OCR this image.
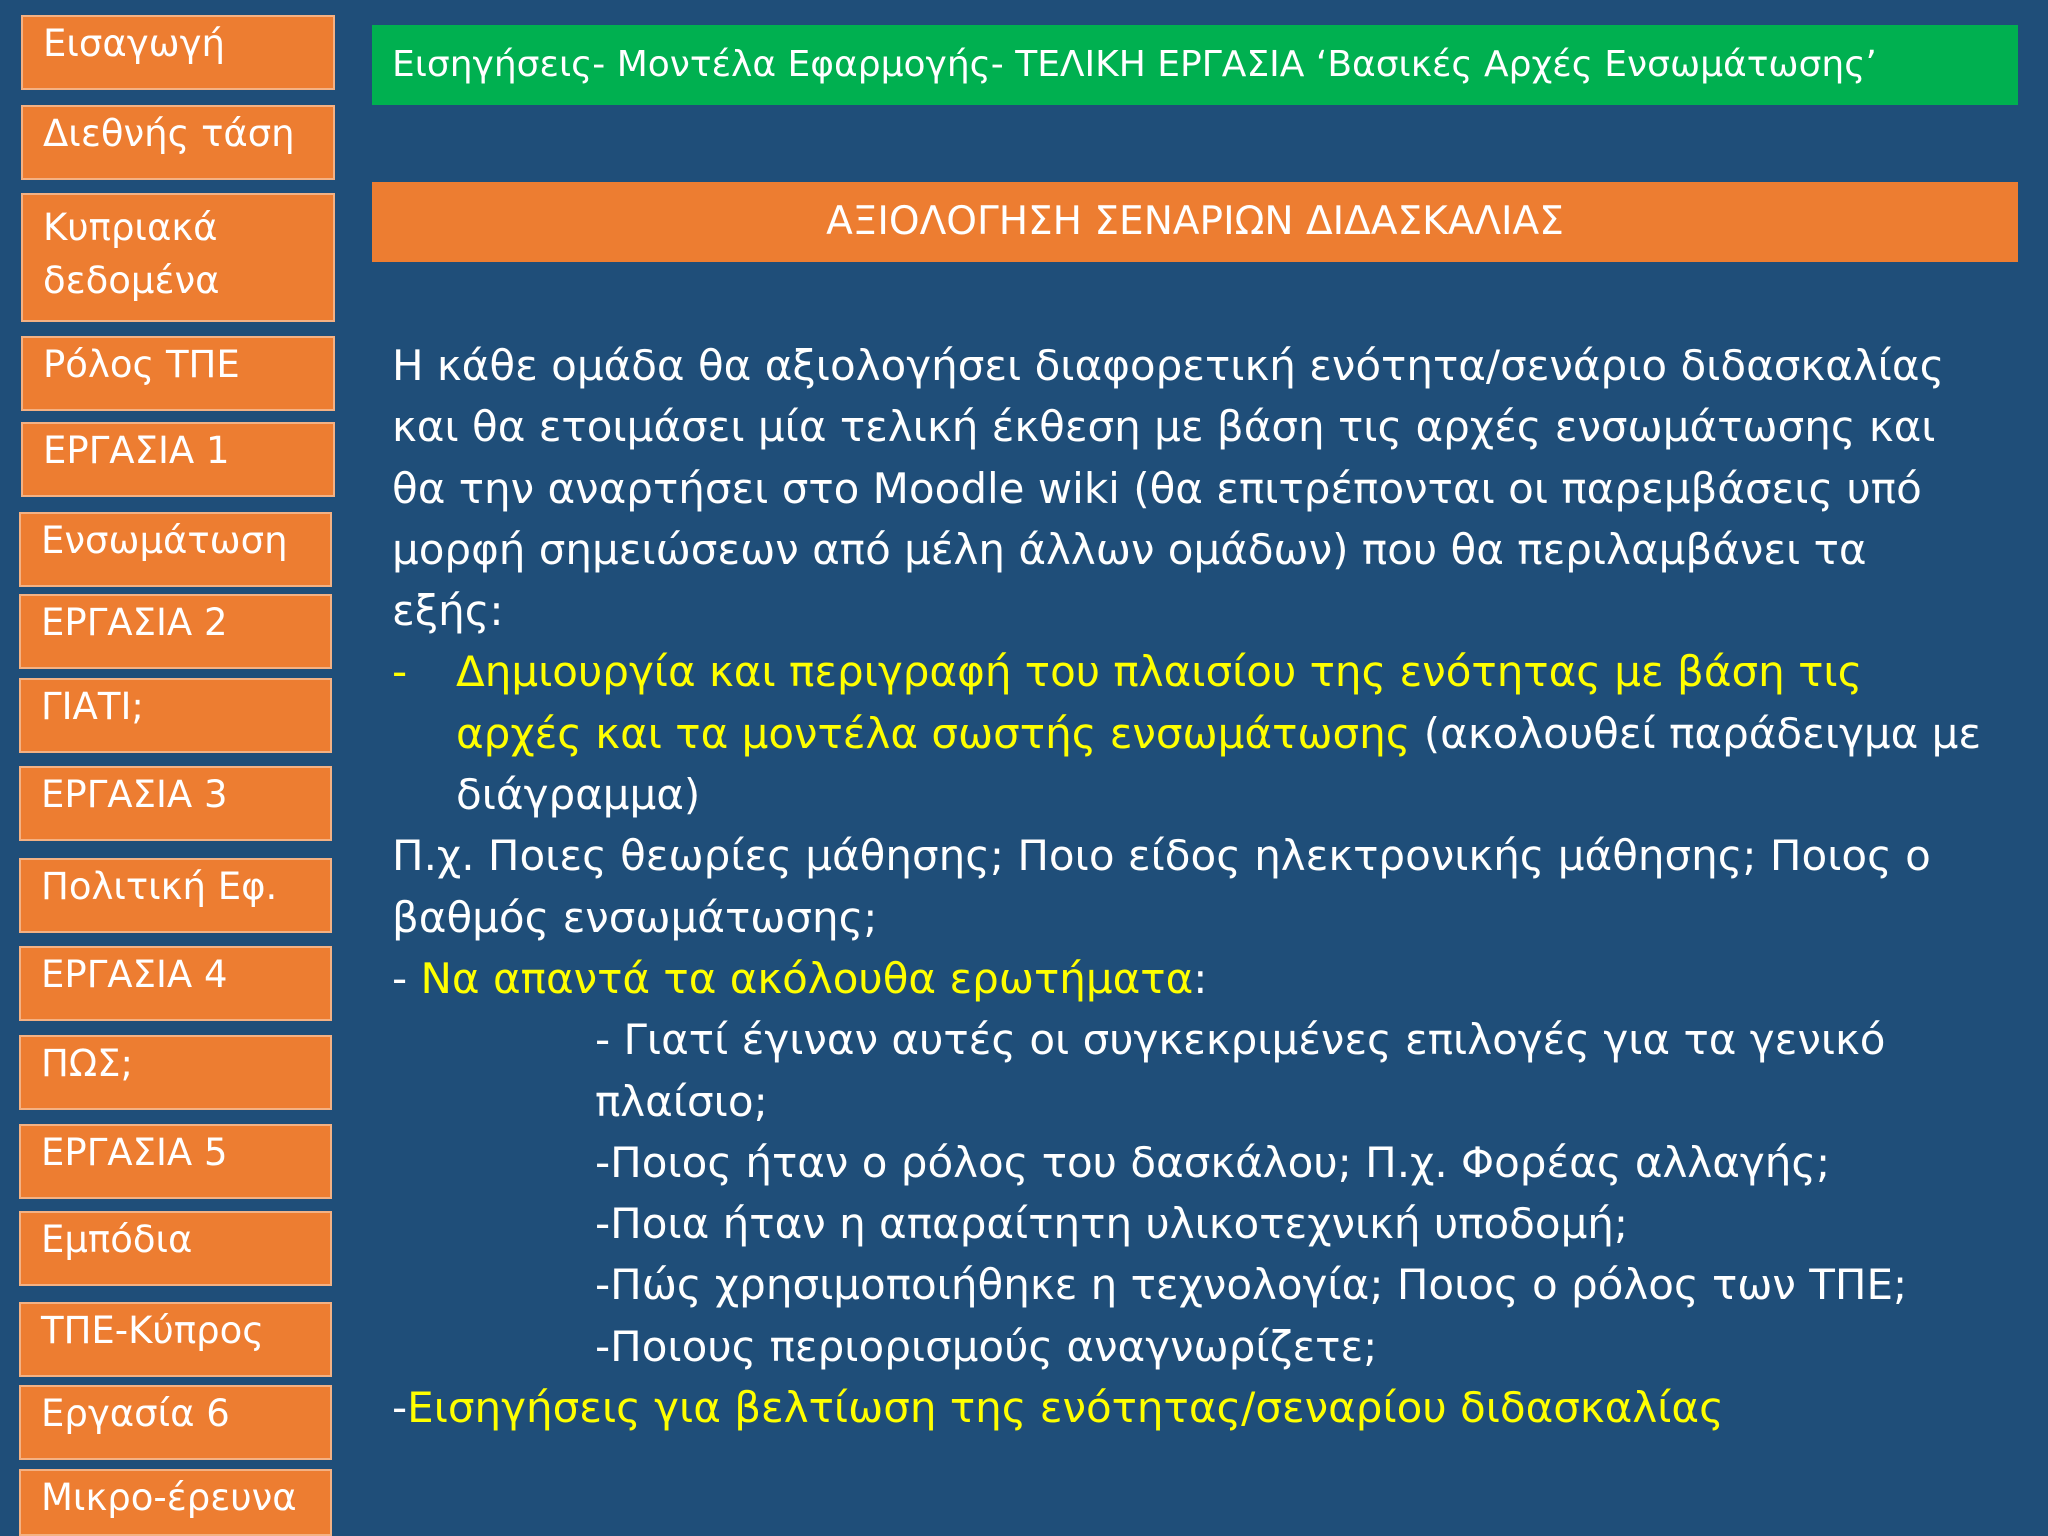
Εισαγωγή
Διεθνής τάση
Κυπριακά δεδομένα
Ρόλος ΤΠΕ
ΕΡΓΑΣΙΑ 1
Ενσωμάτωση
ΕΡΓΑΣΙΑ 2
ΓΙΑΤΙ;
ΕΡΓΑΣΙΑ 3
Πολιτική Εφ.
ΕΡΓΑΣΙΑ 4
ΠΩΣ;
ΕΡΓΑΣΙΑ 5
Εμπόδια
ΤΠΕ-Κύπρος
Εργασία 6
Μικρο-έρευνα
Εισηγήσεις- Μοντέλα Εφαρμογής- ΤΕΛΙΚΗ ΕΡΓΑΣΙΑ ‘Βασικές Αρχές Ενσωμάτωσης’
ΑΞΙΟΛΟΓΗΣΗ ΣΕΝΑΡΙΩΝ ΔΙΔΑΣΚΑΛΙΑΣ
Η κάθε ομάδα θα αξιολογήσει διαφορετική ενότητα/σενάριο διδασκαλίας
και θα ετοιμάσει μία τελική έκθεση με βάση τις αρχές ενσωμάτωσης και
θα την αναρτήσει στο Moodle wiki (θα επιτρέπονται οι παρεμβάσεις υπό
μορφή σημειώσεων από μέλη άλλων ομάδων) που θα περιλαμβάνει τα
εξής:
- Δημιουργία και περιγραφή του πλαισίου της ενότητας με βάση τις
αρχές και τα μοντέλα σωστής ενσωμάτωσης (ακολουθεί παράδειγμα με
διάγραμμα)
Π.χ. Ποιες θεωρίες μάθησης; Ποιο είδος ηλεκτρονικής μάθησης; Ποιος ο
βαθμός ενσωμάτωσης;
- Να απαντά τα ακόλουθα ερωτήματα:
- Γιατί έγιναν αυτές οι συγκεκριμένες επιλογές για τα γενικό
πλαίσιο;
-Ποιος ήταν ο ρόλος του δασκάλου; Π.χ. Φορέας αλλαγής;
-Ποια ήταν η απαραίτητη υλικοτεχνική υποδομή;
-Πώς χρησιμοποιήθηκε η τεχνολογία; Ποιος ο ρόλος των ΤΠΕ;
-Ποιους περιορισμούς αναγνωρίζετε;
-Εισηγήσεις για βελτίωση της ενότητας/σεναρίου διδασκαλίας
